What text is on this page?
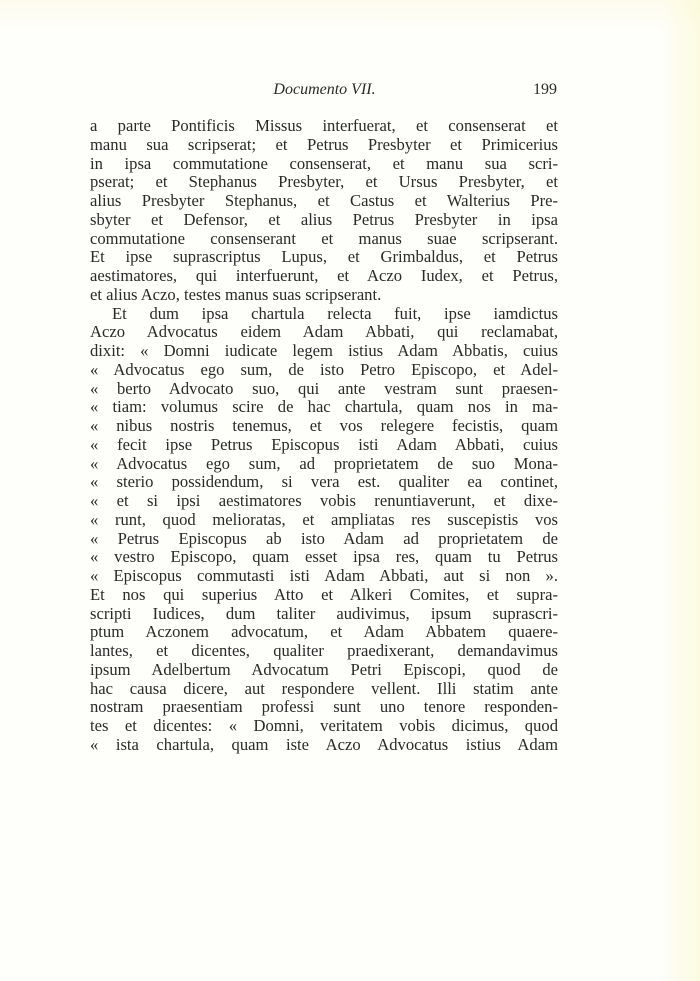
Documento VII.	199
a parte Pontificis Missus interfuerat, et consenserat et
manu sua scripserat; et Petrus Presbyter et Primicerius
in ipsa commutatione consenserat, et manu sua scri-
pserat; et Stephanus Presbyter, et Ursus Presbyter, et
alius Presbyter Stephanus, et Castus et Walterius Pre-
sbyter et Defensor, et alius Petrus Presbyter in ipsa
commutatione consenserant et manus suae scripserant.
Et ipse suprascriptus Lupus, et Grimbaldus, et Petrus
aestimatores, qui interfuerunt, et Aczo Iudex, et Petrus,
et alius Aczo, testes manus suas scripserant.
Et dum ipsa chartula relecta fuit, ipse iamdictus
Aczo Advocatus eidem Adam Abbati, qui reclamabat,
dixit: « Domni iudicate legem istius Adam Abbatis, cuius
« Advocatus ego sum, de isto Petro Episcopo, et Adel-
« berto Advocato suo, qui ante vestram sunt praesen-
« tiam: volumus scire de hac chartula, quam nos in ma-
« nibus nostris tenemus, et vos relegere fecistis, quam
« fecit ipse Petrus Episcopus isti Adam Abbati, cuius
« Advocatus ego sum, ad proprietatem de suo Mona-
« sterio possidendum, si vera est. qualiter ea continet,
« et si ipsi aestimatores vobis renuntiaverunt, et dixe-
« runt, quod melioratas, et ampliatas res suscepistis vos
« Petrus Episcopus ab isto Adam ad proprietatem de
« vestro Episcopo, quam esset ipsa res, quam tu Petrus
« Episcopus commutasti isti Adam Abbati, aut si non ».
Et nos qui superius Atto et Alkeri Comites, et supra-
scripti Iudices, dum taliter audivimus, ipsum suprascri-
ptum Aczonem advocatum, et Adam Abbatem quaere-
lantes, et dicentes, qualiter praedixerant, demandavimus
ipsum Adelbertum Advocatum Petri Episcopi, quod de
hac causa dicere, aut respondere vellent. Illi statim ante
nostram praesentiam professi sunt uno tenore responden-
tes et dicentes: « Domni, veritatem vobis dicimus, quod
« ista chartula, quam iste Aczo Advocatus istius Adam
